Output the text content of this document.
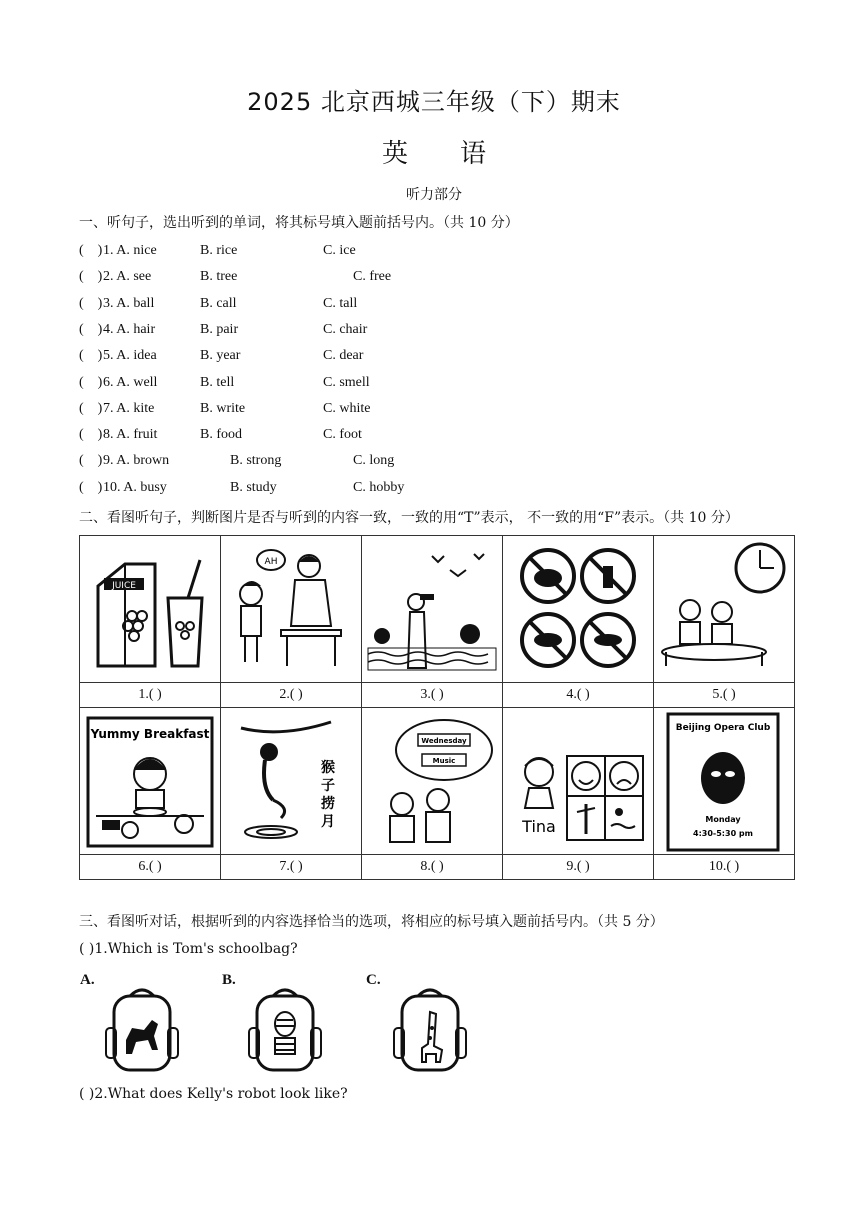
2025 北京西城三年级（下）期末
英 语
听力部分
一、听句子，选出听到的单词，将其标号填入题前括号内。（共 10 分）
(    ) 1. A. nice	B. rice	C. ice
(    ) 2. A. see	B. tree	C. free
(    ) 3. A. ball	B. call	C. tall
(    ) 4. A. hair	B. pair	C. chair
(    ) 5. A. idea	B. year	C. dear
(    ) 6. A. well	B. tell	C. smell
(    ) 7. A. kite	B. write	C. white
(    ) 8. A. fruit	B. food	C. foot
(    ) 9. A. brown	B. strong	C. long
(    ) 10. A. busy	B. study	C. hobby
二、看图听句子，判断图片是否与听到的内容一致，一致的用“T”表示， 不一致的用“F”表示。（共 10 分）
JUICE	AH

1.( )	2.( )	3.( )	4.( )	5.( )

Yummy Breakfast	猴 子 捞 月	Wednesday
Music	Tina	Beijing Opera Club
Monday
4:30-5:30 pm

6.( )	7.( )	8.( )	9.( )	10.( )
三、看图听对话，根据听到的内容选择恰当的选项，将相应的标号填入题前括号内。（共 5 分）
( )1.Which is Tom's schoolbag?
A.	B.	C.
( )2.What does Kelly's robot look like?
